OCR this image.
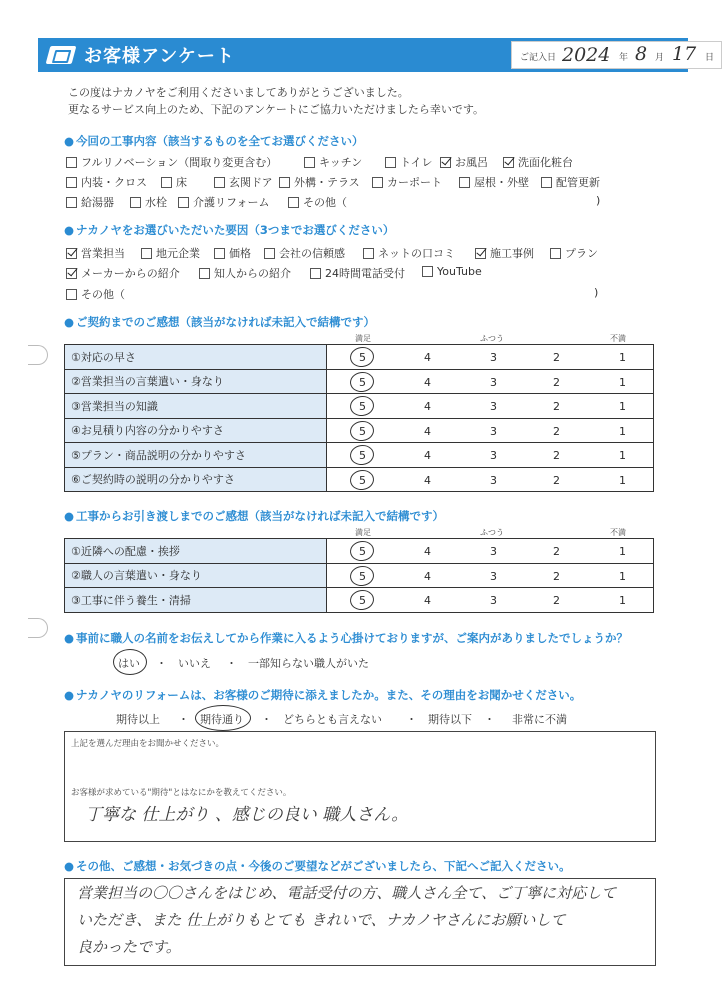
お客様アンケート	ご記入日 2024 年 8 月 17 日
この度はナカノヤをご利用くださいましてありがとうございました。
更なるサービス向上のため、下記のアンケートにご協力いただけましたら幸いです。
● 今回の工事内容（該当するものを全てお選びください）
フルリノベーション（間取り変更含む）	キッチン	トイレ お風呂	洗面化粧台
内装・クロス	床	玄関ドア 外構・テラス カーポート	屋根・外壁 配管更新
給湯器	水栓 介護リフォーム	その他（	)
● ナカノヤをお選びいただいた要因（3つまでお選びください）
営業担当	地元企業	価格	会社の信頼感	ネットの口コミ	施工事例	プラン
メーカーからの紹介	知人からの紹介	24時間電話受付	YouTube
その他（	)
● ご契約までのご感想（該当がなければ未記入で結構です）
満足	ふつう	不満
①対応の早さ	5 4 3 2 1

②営業担当の言葉遣い・身なり	5 4 3 2 1

③営業担当の知識	5 4 3 2 1

④お見積り内容の分かりやすさ	5 4 3 2 1

⑤プラン・商品説明の分かりやすさ	5 4 3 2 1

⑥ご契約時の説明の分かりやすさ	5 4 3 2 1
● 工事からお引き渡しまでのご感想（該当がなければ未記入で結構です）
満足	ふつう	不満
①近隣への配慮・挨拶	5 4 3 2 1

②職人の言葉遣い・身なり	5 4 3 2 1

③工事に伴う養生・清掃	5 4 3 2 1
● 事前に職人の名前をお伝えしてから作業に入るよう心掛けておりますが、ご案内がありましたでしょうか？
はい ・ いいえ ・ 一部知らない職人がいた
● ナカノヤのリフォームは、お客様のご期待に添えましたか。また、その理由をお聞かせください。
期待以上 ・ 期待通り ・ どちらとも言えない ・ 期待以下 ・ 非常に不満
上記を選んだ理由をお聞かせください。
お客様が求めている"期待"とはなにかを教えてください。
丁寧な 仕上がり 、感じの良い 職人さん。
● その他、ご感想・お気づきの点・今後のご要望などがございましたら、下記へご記入ください。
営業担当の〇〇さんをはじめ、電話受付の方、職人さん全て、ご丁寧に対応して
いただき、また 仕上がりもとても きれいで、ナカノヤさんにお願いして
良かったです。
